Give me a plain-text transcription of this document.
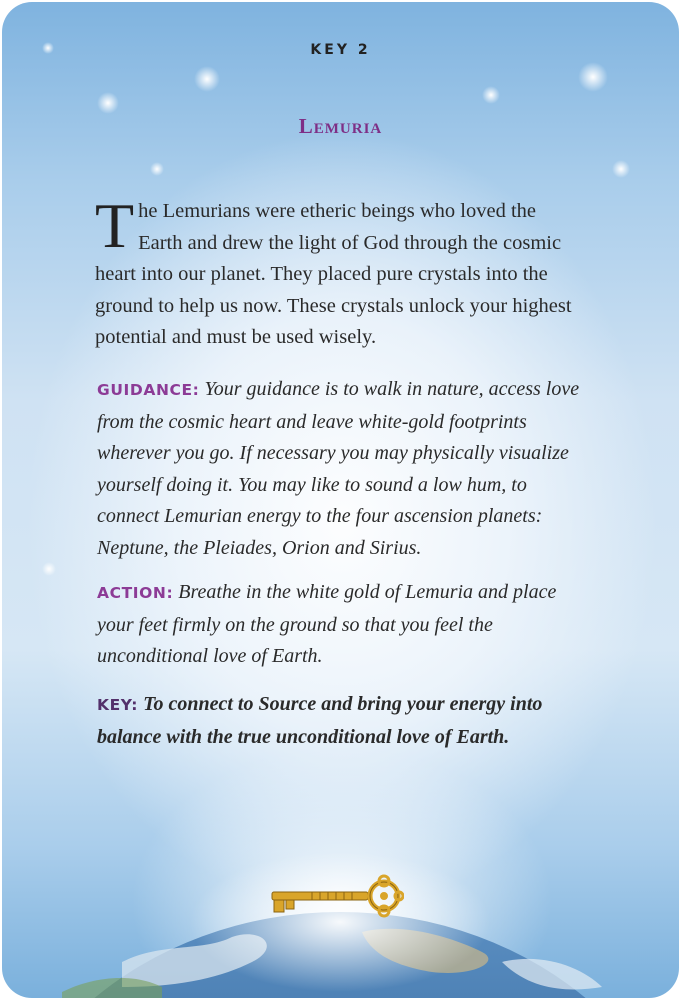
KEY 2
Lemuria
The Lemurians were etheric beings who loved the Earth and drew the light of God through the cosmic heart into our planet. They placed pure crystals into the ground to help us now. These crystals unlock your highest potential and must be used wisely.
GUIDANCE: Your guidance is to walk in nature, access love from the cosmic heart and leave white-gold footprints wherever you go. If necessary you may physically visualize yourself doing it. You may like to sound a low hum, to connect Lemurian energy to the four ascension planets: Neptune, the Pleiades, Orion and Sirius.
ACTION: Breathe in the white gold of Lemuria and place your feet firmly on the ground so that you feel the unconditional love of Earth.
KEY: To connect to Source and bring your energy into balance with the true unconditional love of Earth.
